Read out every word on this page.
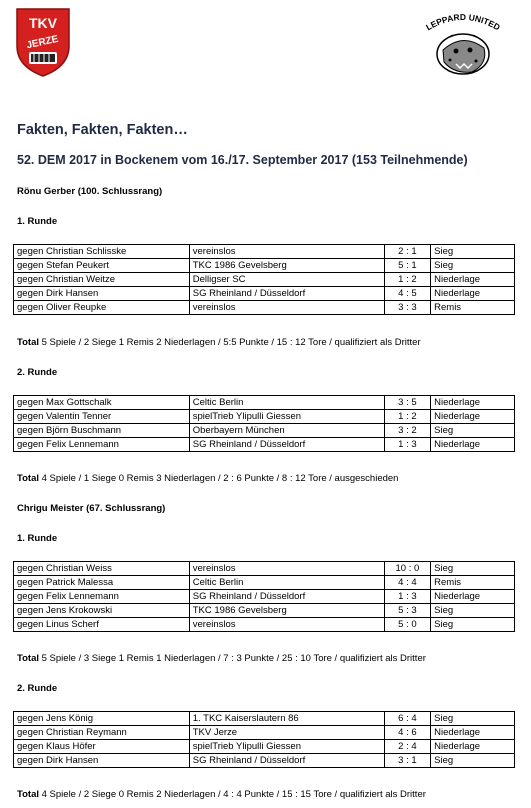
TKV
JERZE
LEPPARD UNITED

Fakten, Fakten, Fakten…

52. DEM 2017 in Bockenem vom 16./17. September 2017 (153 Teilnehmende)

Rönu Gerber (100. Schlussrang)

1. Runde

gegen Christian Schlisske	vereinslos	2 : 1	Sieg
gegen Stefan Peukert	TKC 1986 Gevelsberg	5 : 1	Sieg
gegen Christian Weitze	Delligser SC	1 : 2	Niederlage
gegen Dirk Hansen	SG Rheinland / Düsseldorf	4 : 5	Niederlage
gegen Oliver Reupke	vereinslos	3 : 3	Remis

Total 5 Spiele / 2 Siege 1 Remis 2 Niederlagen / 5:5 Punkte / 15 : 12 Tore / qualifiziert als Dritter

2. Runde

gegen Max Gottschalk	Celtic Berlin	3 : 5	Niederlage
gegen Valentin Tenner	spielTrieb Ylipulli Giessen	1 : 2	Niederlage
gegen Björn Buschmann	Oberbayern München	3 : 2	Sieg
gegen Felix Lennemann	SG Rheinland / Düsseldorf	1 : 3	Niederlage

Total 4 Spiele / 1 Siege 0 Remis 3 Niederlagen / 2 : 6 Punkte / 8 : 12 Tore / ausgeschieden

Chrigu Meister (67. Schlussrang)

1. Runde

gegen Christian Weiss	vereinslos	10 : 0	Sieg
gegen Patrick Malessa	Celtic Berlin	4 : 4	Remis
gegen Felix Lennemann	SG Rheinland / Düsseldorf	1 : 3	Niederlage
gegen Jens Krokowski	TKC 1986 Gevelsberg	5 : 3	Sieg
gegen Linus Scherf	vereinslos	5 : 0	Sieg

Total 5 Spiele / 3 Siege 1 Remis 1 Niederlagen / 7 : 3 Punkte / 25 : 10 Tore / qualifiziert als Dritter

2. Runde

gegen Jens König	1. TKC Kaiserslautern 86	6 : 4	Sieg
gegen Christian Reymann	TKV Jerze	4 : 6	Niederlage
gegen Klaus Höfer	spielTrieb Ylipulli Giessen	2 : 4	Niederlage
gegen Dirk Hansen	SG Rheinland / Düsseldorf	3 : 1	Sieg

Total 4 Spiele / 2 Siege 0 Remis 2 Niederlagen / 4 : 4 Punkte / 15 : 15 Tore / qualifiziert als Dritter
